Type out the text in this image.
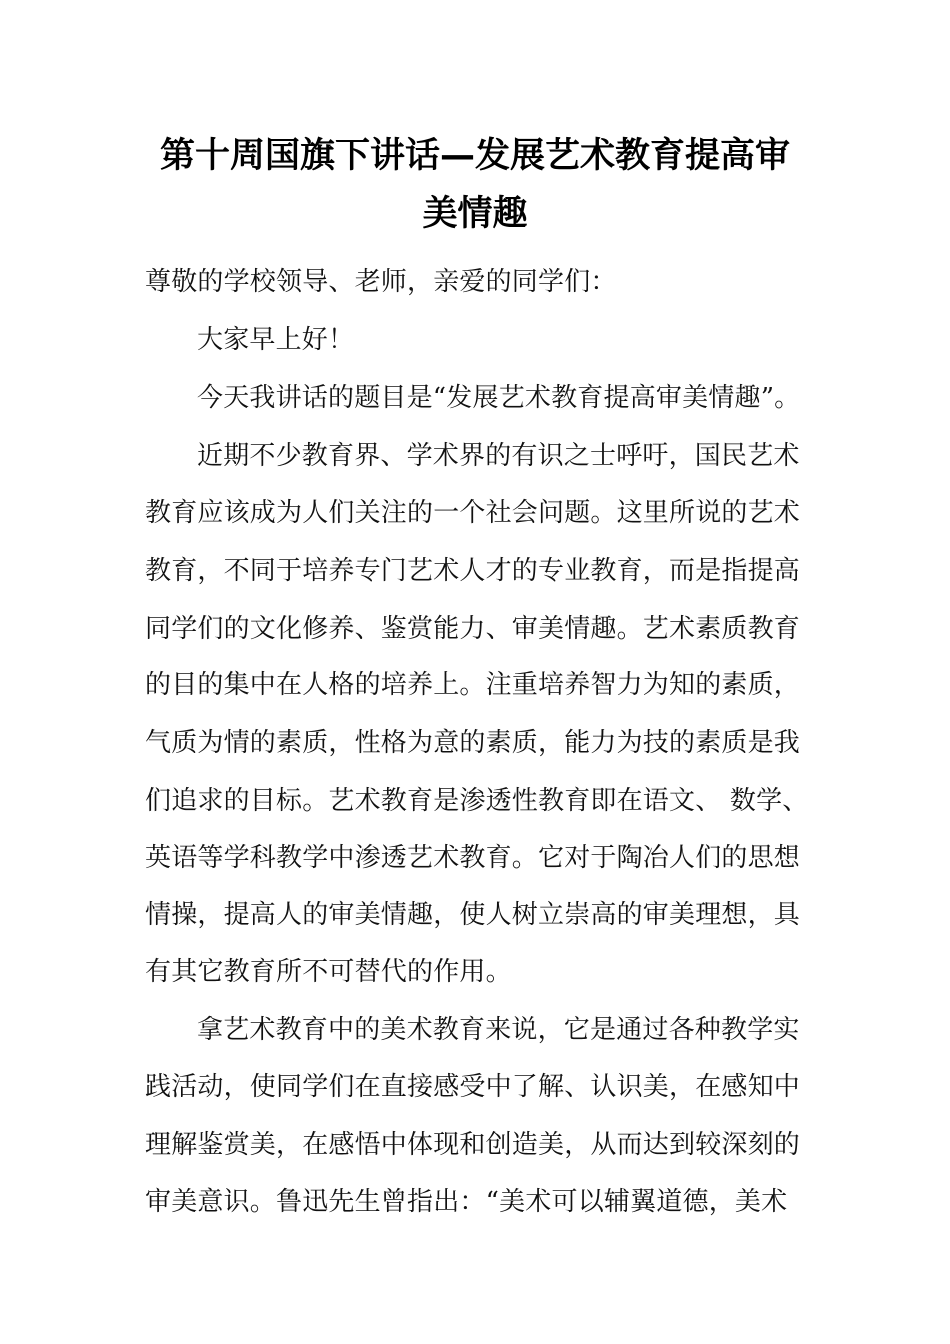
第十周国旗下讲话—发展艺术教育提高审
美情趣
尊敬的学校领导、老师，亲爱的同学们：
大家早上好！
今天我讲话的题目是“发展艺术教育提高审美情趣”。
近期不少教育界、学术界的有识之士呼吁，国民艺术
教育应该成为人们关注的一个社会问题。这里所说的艺术
教育，不同于培养专门艺术人才的专业教育，而是指提高
同学们的文化修养、鉴赏能力、审美情趣。艺术素质教育
的目的集中在人格的培养上。注重培养智力为知的素质，
气质为情的素质，性格为意的素质，能力为技的素质是我
们追求的目标。艺术教育是渗透性教育即在语文、 数学、
英语等学科教学中渗透艺术教育。它对于陶冶人们的思想
情操，提高人的审美情趣，使人树立崇高的审美理想，具
有其它教育所不可替代的作用。
拿艺术教育中的美术教育来说，它是通过各种教学实
践活动，使同学们在直接感受中了解、认识美，在感知中
理解鉴赏美，在感悟中体现和创造美，从而达到较深刻的
审美意识。鲁迅先生曾指出：“美术可以辅翼道德，美术
